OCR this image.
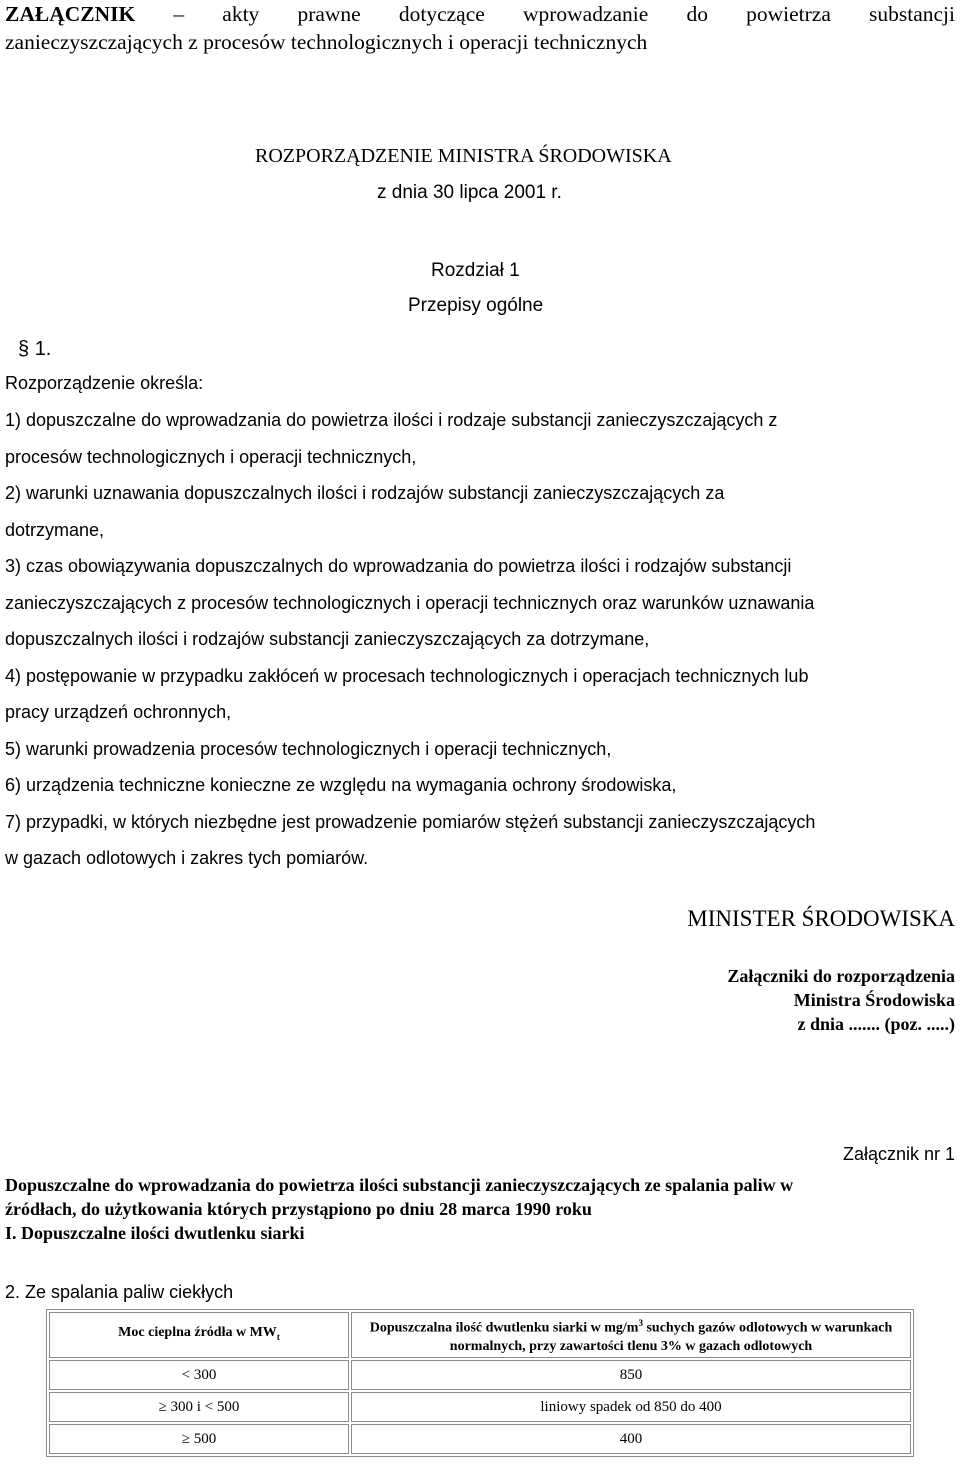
ZAŁĄCZNIK – akty prawne dotyczące wprowadzanie do powietrza substancji
zanieczyszczających z procesów technologicznych i operacji technicznych
ROZPORZĄDZENIE MINISTRA ŚRODOWISKA
z dnia 30 lipca 2001 r.
Rozdział 1
Przepisy ogólne
§ 1.
Rozporządzenie określa:
1) dopuszczalne do wprowadzania do powietrza ilości i rodzaje substancji zanieczyszczających z
procesów technologicznych i operacji technicznych,
2) warunki uznawania dopuszczalnych ilości i rodzajów substancji zanieczyszczających za
dotrzymane,
3) czas obowiązywania dopuszczalnych do wprowadzania do powietrza ilości i rodzajów substancji
zanieczyszczających z procesów technologicznych i operacji technicznych oraz warunków uznawania
dopuszczalnych ilości i rodzajów substancji zanieczyszczających za dotrzymane,
4) postępowanie w przypadku zakłóceń w procesach technologicznych i operacjach technicznych lub
pracy urządzeń ochronnych,
5) warunki prowadzenia procesów technologicznych i operacji technicznych,
6) urządzenia techniczne konieczne ze względu na wymagania ochrony środowiska,
7) przypadki, w których niezbędne jest prowadzenie pomiarów stężeń substancji zanieczyszczających
w gazach odlotowych i zakres tych pomiarów.
MINISTER ŚRODOWISKA
Załączniki do rozporządzenia
Ministra Środowiska
z dnia ....... (poz. .....)
Załącznik nr 1
Dopuszczalne do wprowadzania do powietrza ilości substancji zanieczyszczających ze spalania paliw w
źródłach, do użytkowania których przystąpiono po dniu 28 marca 1990 roku
I. Dopuszczalne ilości dwutlenku siarki
2. Ze spalania paliw ciekłych
Moc cieplna źródła w $MW_t$	Dopuszczalna ilość dwutlenku siarki w $mg/m^3$ suchych gazów odlotowych w warunkach normalnych, przy zawartości tlenu 3% w gazach odlotowych
< 300	850
≥ 300 i < 500	liniowy spadek od 850 do 400
≥ 500	400
